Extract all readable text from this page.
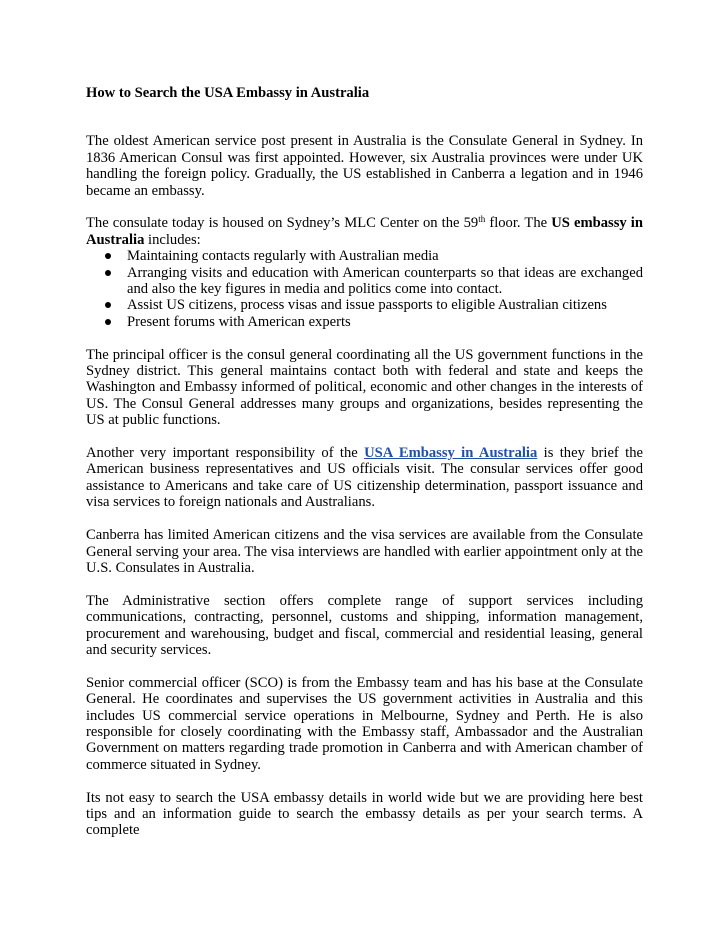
How to Search the USA Embassy in Australia

The oldest American service post present in Australia is the Consulate General in Sydney. In 1836 American Consul was first appointed. However, six Australia provinces were under UK handling the foreign policy. Gradually, the US established in Canberra a legation and in 1946 became an embassy.

The consulate today is housed on Sydney’s MLC Center on the 59th floor. The US embassy in Australia includes:

Maintaining contacts regularly with Australian media
Arranging visits and education with American counterparts so that ideas are exchanged and also the key figures in media and politics come into contact.
Assist US citizens, process visas and issue passports to eligible Australian citizens
Present forums with American experts

The principal officer is the consul general coordinating all the US government functions in the Sydney district. This general maintains contact both with federal and state and keeps the Washington and Embassy informed of political, economic and other changes in the interests of US. The Consul General addresses many groups and organizations, besides representing the US at public functions.

Another very important responsibility of the USA Embassy in Australia is they brief the American business representatives and US officials visit. The consular services offer good assistance to Americans and take care of US citizenship determination, passport issuance and visa services to foreign nationals and Australians.

Canberra has limited American citizens and the visa services are available from the Consulate General serving your area. The visa interviews are handled with earlier appointment only at the U.S. Consulates in Australia.

The Administrative section offers complete range of support services including communications, contracting, personnel, customs and shipping, information management, procurement and warehousing, budget and fiscal, commercial and residential leasing, general and security services.

Senior commercial officer (SCO) is from the Embassy team and has his base at the Consulate General. He coordinates and supervises the US government activities in Australia and this includes US commercial service operations in Melbourne, Sydney and Perth. He is also responsible for closely coordinating with the Embassy staff, Ambassador and the Australian Government on matters regarding trade promotion in Canberra and with American chamber of commerce situated in Sydney.

Its not easy to search the USA embassy details in world wide but we are providing here best tips and an information guide to search the embassy details as per your search terms. A complete
